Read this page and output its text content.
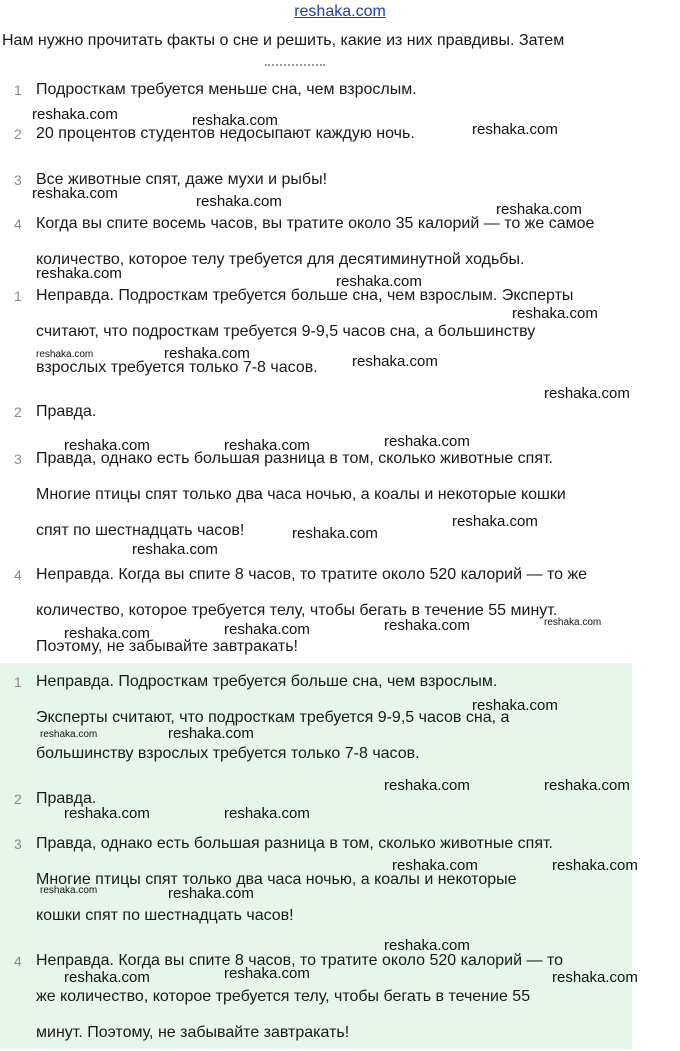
reshaka.com
Нам нужно прочитать факты о сне и решить, какие из них правдивы. Затем
1 Подросткам требуется меньше сна, чем взрослым.

2 20 процентов студентов недосыпают каждую ночь.

3 Все животные спят, даже мухи и рыбы!

4 Когда вы спите восемь часов, вы тратите около 35 калорий — то же самое
количество, которое телу требуется для десятиминутной ходьбы.

1 Неправда. Подросткам требуется больше сна, чем взрослым. Эксперты
считают, что подросткам требуется 9-9,5 часов сна, а большинству
взрослых требуется только 7-8 часов.

2 Правда.

3 Правда, однако есть большая разница в том, сколько животные спят.
Многие птицы спят только два часа ночью, а коалы и некоторые кошки
спят по шестнадцать часов!

4 Неправда. Когда вы спите 8 часов, то тратите около 520 калорий — то же
количество, которое требуется телу, чтобы бегать в течение 55 минут.
Поэтому, не забывайте завтракать!

1 Неправда. Подросткам требуется больше сна, чем взрослым.
Эксперты считают, что подросткам требуется 9-9,5 часов сна, а
большинству взрослых требуется только 7-8 часов.

2 Правда.

3 Правда, однако есть большая разница в том, сколько животные спят.
Многие птицы спят только два часа ночью, а коалы и некоторые
кошки спят по шестнадцать часов!

4 Неправда. Когда вы спите 8 часов, то тратите около 520 калорий — то
же количество, которое требуется телу, чтобы бегать в течение 55
минут. Поэтому, не забывайте завтракать!

reshaka.com	reshaka.com
reshaka.com
reshaka.com	reshaka.com	reshaka.com
reshaka.com	reshaka.com
reshaka.com
reshaka.com	reshaka.com	reshaka.com
reshaka.com
reshaka.com	reshaka.com	reshaka.com
reshaka.com
reshaka.com
reshaka.com
reshaka.com	reshaka.com	reshaka.com	reshaka.com
reshaka.com
reshaka.com	reshaka.com
reshaka.com	reshaka.com
reshaka.com	reshaka.com
reshaka.com	reshaka.com
reshaka.com	reshaka.com
reshaka.com
reshaka.com	reshaka.com	reshaka.com
